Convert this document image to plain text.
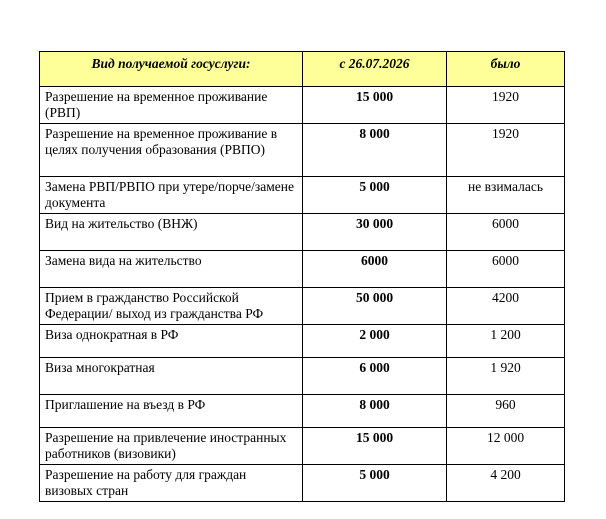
Вид получаемой госуслуги:	с 26.07.2026	было
Разрешение на временное проживание (РВП)	15 000	1920
Разрешение на временное проживание в целях получения образования (РВПО)	8 000	1920
Замена РВП/РВПО при утере/порче/замене документа	5 000	не взималась
Вид на жительство (ВНЖ)	30 000	6000
Замена вида на жительство	6000	6000
Прием в гражданство Российской Федерации/ выход из гражданства РФ	50 000	4200
Виза однократная в РФ	2 000	1 200
Виза многократная	6 000	1 920
Приглашение на въезд в РФ	8 000	960
Разрешение на привлечение иностранных работников (визовики)	15 000	12 000
Разрешение на работу для граждан визовых стран	5 000	4 200
